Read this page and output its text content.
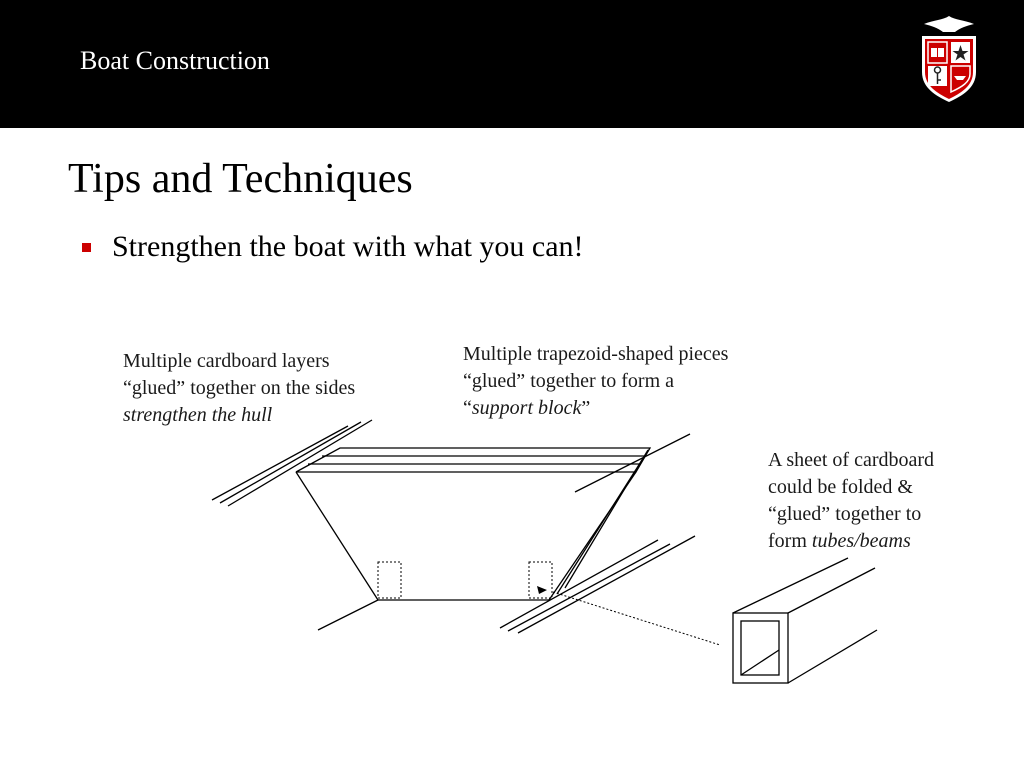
Boat Construction
Tips and Techniques
Strengthen the boat with what you can!
Multiple cardboard layers
“glued” together on the sides
strengthen the hull
Multiple trapezoid-shaped pieces
“glued” together to form a
“support block”
A sheet of cardboard
could be folded &
“glued” together to
form tubes/beams
